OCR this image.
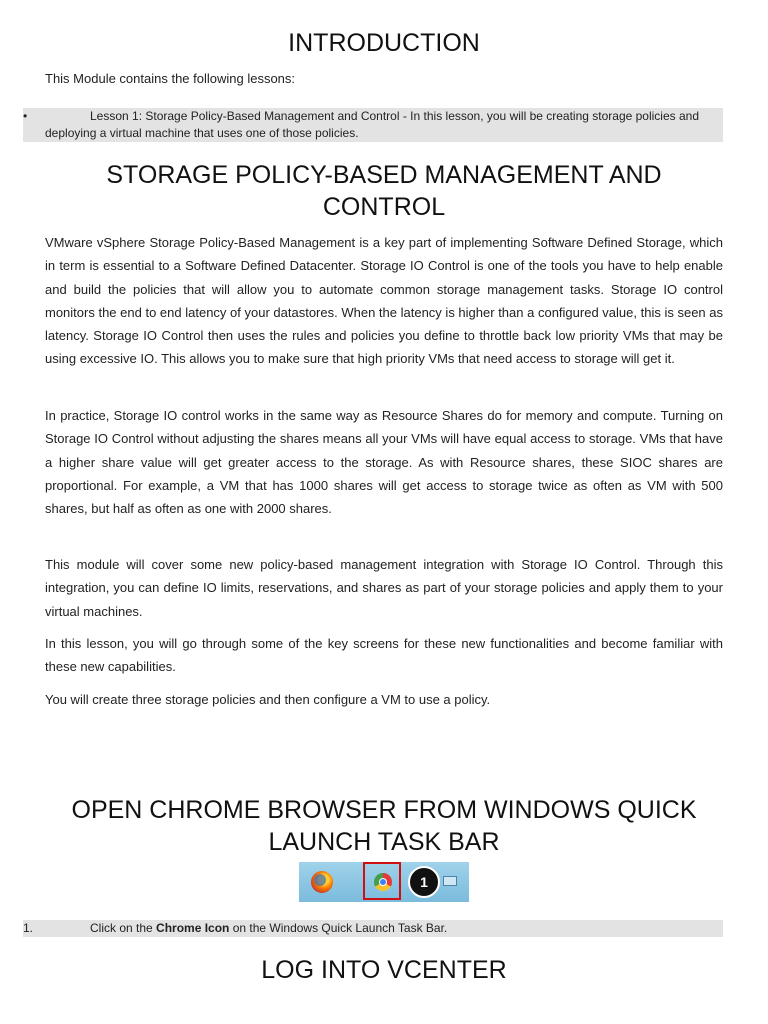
INTRODUCTION
This Module contains the following lessons:
•	Lesson 1: Storage Policy-Based Management and Control - In this lesson, you will be creating storage policies and deploying a virtual machine that uses one of those policies.
STORAGE POLICY-BASED MANAGEMENT AND
CONTROL

VMware vSphere Storage Policy-Based Management is a key part of implementing Software Defined Storage, which in term is essential to a Software Defined Datacenter. Storage IO Control is one of the tools you have to help enable and build the policies that will allow you to automate common storage management tasks. Storage IO control monitors the end to end latency of your datastores. When the latency is higher than a configured value, this is seen as latency. Storage IO Control then uses the rules and policies you define to throttle back low priority VMs that may be using excessive IO. This allows you to make sure that high priority VMs that need access to storage will get it.

In practice, Storage IO control works in the same way as Resource Shares do for memory and compute. Turning on Storage IO Control without adjusting the shares means all your VMs will have equal access to storage. VMs that have a higher share value will get greater access to the storage. As with Resource shares, these SIOC shares are proportional. For example, a VM that has 1000 shares will get access to storage twice as often as VM with 500 shares, but half as often as one with 2000 shares.

This module will cover some new policy-based management integration with Storage IO Control. Through this integration, you can define IO limits, reservations, and shares as part of your storage policies and apply them to your virtual machines.

In this lesson, you will go through some of the key screens for these new functionalities and become familiar with these new capabilities.

You will create three storage policies and then configure a VM to use a policy.

OPEN CHROME BROWSER FROM WINDOWS QUICK
LAUNCH TASK BAR
1
1.	Click on the Chrome Icon on the Windows Quick Launch Task Bar.
LOG INTO VCENTER
